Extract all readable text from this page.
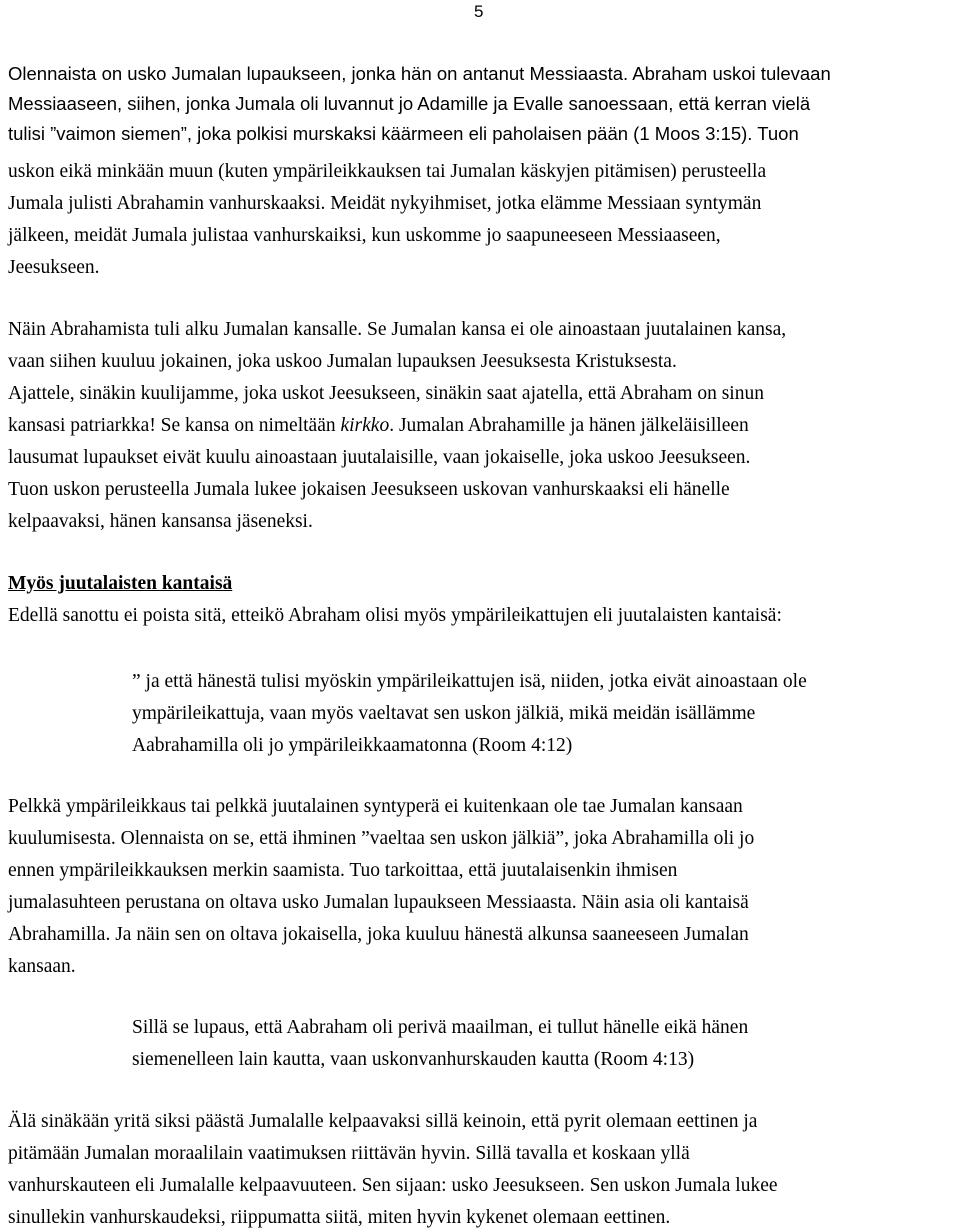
5
Olennaista on usko Jumalan lupaukseen, jonka hän on antanut Messiaasta. Abraham uskoi tulevaan
Messiaaseen, siihen, jonka Jumala oli luvannut jo Adamille ja Evalle sanoessaan, että kerran vielä
tulisi ”vaimon siemen”, joka polkisi murskaksi käärmeen eli paholaisen pään (1 Moos 3:15). Tuon
uskon eikä minkään muun (kuten ympärileikkauksen tai Jumalan käskyjen pitämisen) perusteella
Jumala julisti Abrahamin vanhurskaaksi. Meidät nykyihmiset, jotka elämme Messiaan syntymän
jälkeen, meidät Jumala julistaa vanhurskaiksi, kun uskomme jo saapuneeseen Messiaaseen,
Jeesukseen.
Näin Abrahamista tuli alku Jumalan kansalle. Se Jumalan kansa ei ole ainoastaan juutalainen kansa,
vaan siihen kuuluu jokainen, joka uskoo Jumalan lupauksen Jeesuksesta Kristuksesta.
Ajattele, sinäkin kuulijamme, joka uskot Jeesukseen, sinäkin saat ajatella, että Abraham on sinun
kansasi patriarkka! Se kansa on nimeltään kirkko. Jumalan Abrahamille ja hänen jälkeläisilleen
lausumat lupaukset eivät kuulu ainoastaan juutalaisille, vaan jokaiselle, joka uskoo Jeesukseen.
Tuon uskon perusteella Jumala lukee jokaisen Jeesukseen uskovan vanhurskaaksi eli hänelle
kelpaavaksi, hänen kansansa jäseneksi.
Myös juutalaisten kantaisä
Edellä sanottu ei poista sitä, etteikö Abraham olisi myös ympärileikattujen eli juutalaisten kantaisä:
” ja että hänestä tulisi myöskin ympärileikattujen isä, niiden, jotka eivät ainoastaan ole
ympärileikattuja, vaan myös vaeltavat sen uskon jälkiä, mikä meidän isällämme
Aabrahamilla oli jo ympärileikkaamatonna (Room 4:12)
Pelkkä ympärileikkaus tai pelkkä juutalainen syntyperä ei kuitenkaan ole tae Jumalan kansaan
kuulumisesta. Olennaista on se, että ihminen ”vaeltaa sen uskon jälkiä”, joka Abrahamilla oli jo
ennen ympärileikkauksen merkin saamista. Tuo tarkoittaa, että juutalaisenkin ihmisen
jumalasuhteen perustana on oltava usko Jumalan lupaukseen Messiaasta. Näin asia oli kantaisä
Abrahamilla. Ja näin sen on oltava jokaisella, joka kuuluu hänestä alkunsa saaneeseen Jumalan
kansaan.
Sillä se lupaus, että Aabraham oli perivä maailman, ei tullut hänelle eikä hänen
siemenelleen lain kautta, vaan uskonvanhurskauden kautta (Room 4:13)
Älä sinäkään yritä siksi päästä Jumalalle kelpaavaksi sillä keinoin, että pyrit olemaan eettinen ja
pitämään Jumalan moraalilain vaatimuksen riittävän hyvin. Sillä tavalla et koskaan yllä
vanhurskauteen eli Jumalalle kelpaavuuteen. Sen sijaan: usko Jeesukseen. Sen uskon Jumala lukee
sinullekin vanhurskaudeksi, riippumatta siitä, miten hyvin kykenet olemaan eettinen.
